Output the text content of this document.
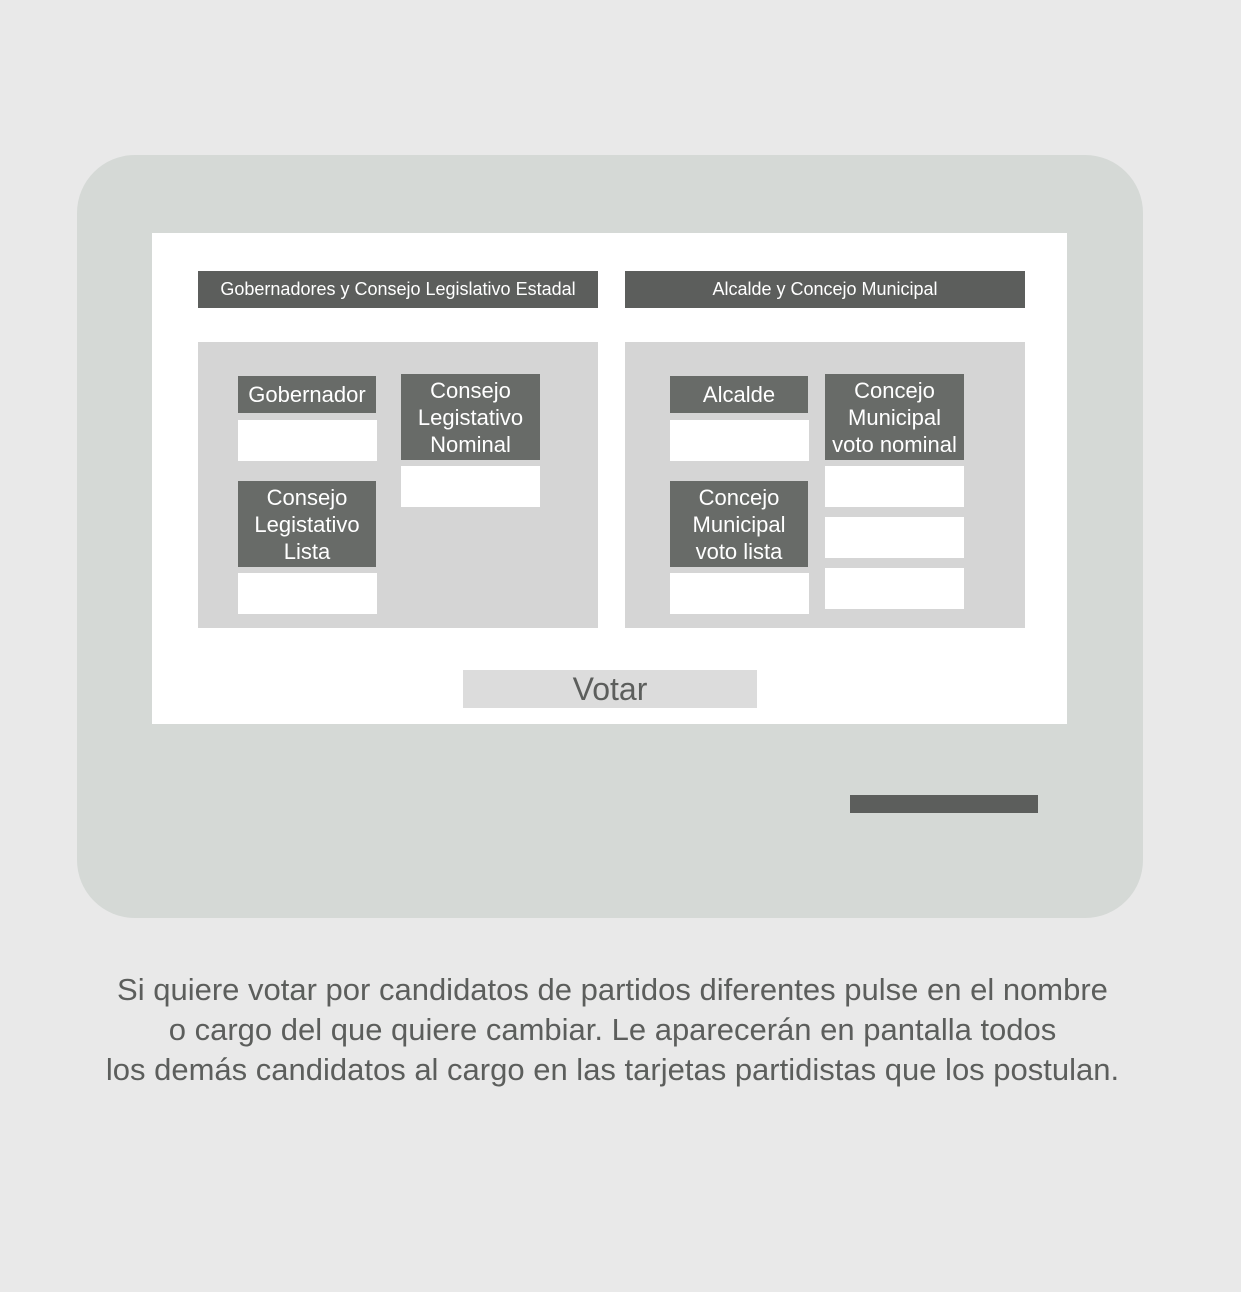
Gobernadores y Consejo Legislativo Estadal
Gobernador	Consejo
Legistativo
Nominal
Consejo
Legistativo
Lista
Alcalde y Concejo Municipal
Alcalde	Concejo
Municipal
voto nominal
Concejo
Municipal
voto lista
Votar
Si quiere votar por candidatos de partidos diferentes pulse en el nombre
o cargo del que quiere cambiar. Le aparecerán en pantalla todos
los demás candidatos al cargo en las tarjetas partidistas que los postulan.
